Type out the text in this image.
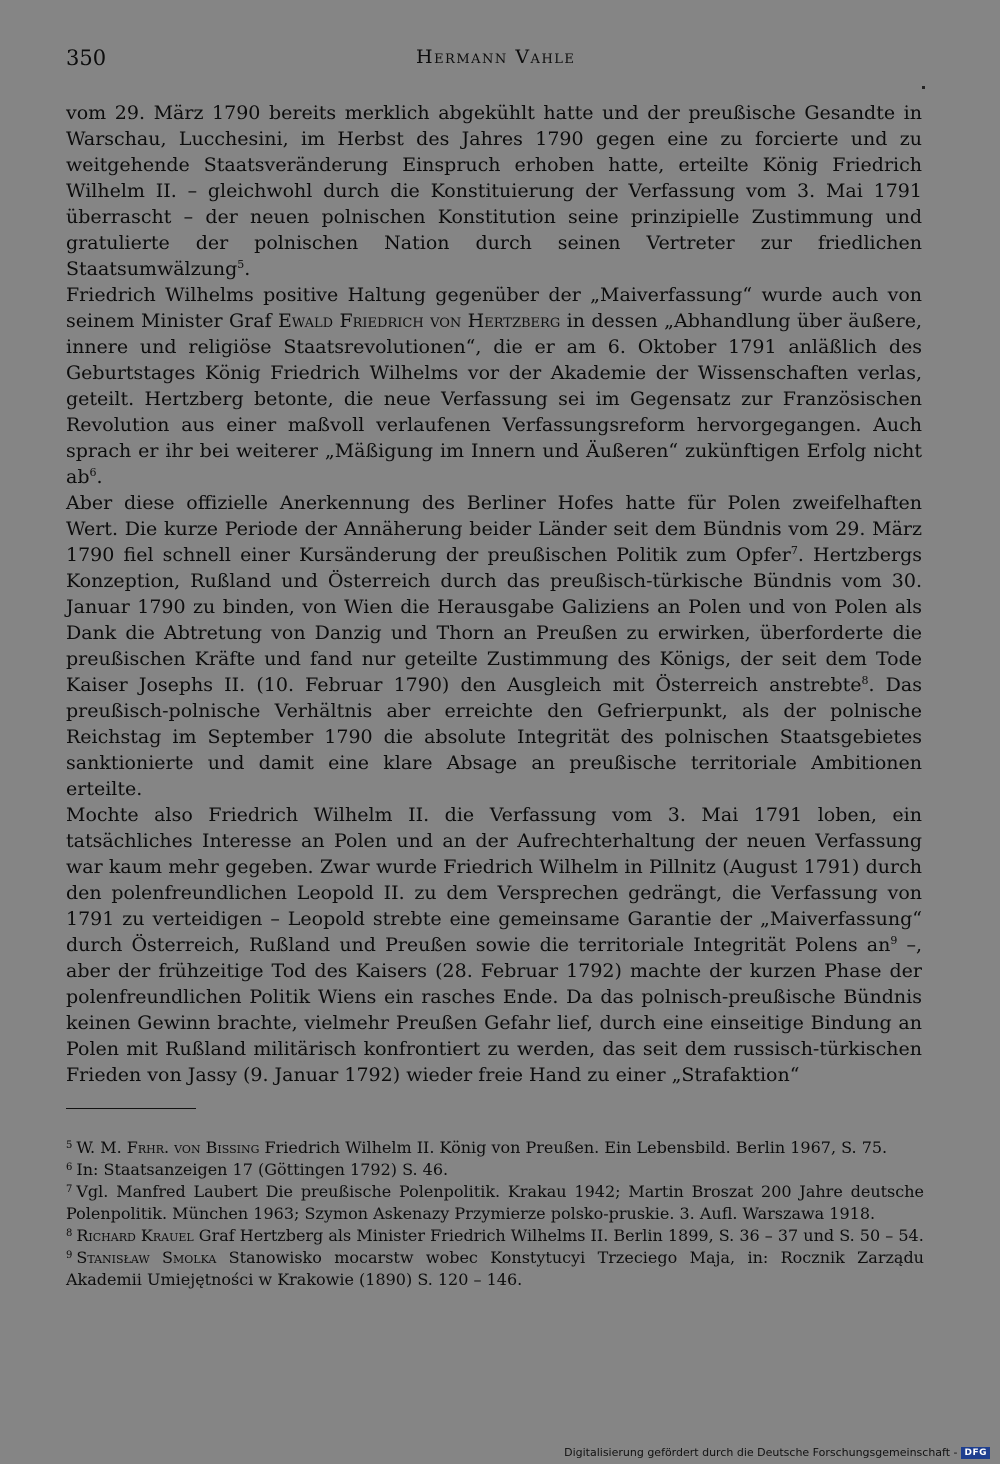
350	Hermann Vahle

vom 29. März 1790 bereits merklich abgekühlt hatte und der preußische Gesandte in Warschau, Lucchesini, im Herbst des Jahres 1790 gegen eine zu forcierte und zu weitgehende Staatsveränderung Einspruch erhoben hatte, erteilte König Friedrich Wilhelm II. – gleichwohl durch die Konstituierung der Verfassung vom 3. Mai 1791 überrascht – der neuen polnischen Konstitution seine prinzipielle Zustimmung und gratulierte der polnischen Nation durch seinen Vertreter zur friedlichen Staatsumwälzung$^5$.

Friedrich Wilhelms positive Haltung gegenüber der „Maiverfassung“ wurde auch von seinem Minister Graf Ewald Friedrich von Hertzberg in dessen „Abhandlung über äußere, innere und religiöse Staatsrevolutionen“, die er am 6. Oktober 1791 anläßlich des Geburtstages König Friedrich Wilhelms vor der Akademie der Wissenschaften verlas, geteilt. Hertzberg betonte, die neue Verfassung sei im Gegensatz zur Französischen Revolution aus einer maßvoll verlaufenen Verfassungsreform hervorgegangen. Auch sprach er ihr bei weiterer „Mäßigung im Innern und Äußeren“ zukünftigen Erfolg nicht $ab^6$.

Aber diese offizielle Anerkennung des Berliner Hofes hatte für Polen zweifelhaften Wert. Die kurze Periode der Annäherung beider Länder seit dem Bündnis vom 29. März 1790 fiel schnell einer Kursänderung der preußischen Politik zum Opfer$^7$. Hertzbergs Konzeption, Rußland und Österreich durch das preußisch-türkische Bündnis vom 30. Januar 1790 zu binden, von Wien die Herausgabe Galiziens an Polen und von Polen als Dank die Abtretung von Danzig und Thorn an Preußen zu erwirken, überforderte die preußischen Kräfte und fand nur geteilte Zustimmung des Königs, der seit dem Tode Kaiser Josephs II. (10. Februar 1790) den Ausgleich mit Österreich anstrebte$^8$. Das preußisch-polnische Verhältnis aber erreichte den Gefrierpunkt, als der polnische Reichstag im September 1790 die absolute Integrität des polnischen Staatsgebietes sanktionierte und damit eine klare Absage an preußische territoriale Ambitionen erteilte.

Mochte also Friedrich Wilhelm II. die Verfassung vom 3. Mai 1791 loben, ein tatsächliches Interesse an Polen und an der Aufrechterhaltung der neuen Verfassung war kaum mehr gegeben. Zwar wurde Friedrich Wilhelm in Pillnitz (August 1791) durch den polenfreundlichen Leopold II. zu dem Versprechen gedrängt, die Verfassung von 1791 zu verteidigen – Leopold strebte eine gemeinsame Garantie der „Maiverfassung“ durch Österreich, Rußland und Preußen sowie die territoriale Integrität Polens $an^9$ –, aber der frühzeitige Tod des Kaisers (28. Februar 1792) machte der kurzen Phase der polenfreundlichen Politik Wiens ein rasches Ende. Da das polnisch-preußische Bündnis keinen Gewinn brachte, vielmehr Preußen Gefahr lief, durch eine einseitige Bindung an Polen mit Rußland militärisch konfrontiert zu werden, das seit dem russisch-türkischen Frieden von Jassy (9. Januar 1792) wieder freie Hand zu einer „Strafaktion“

$^5$ W. M. Frhr. von Bissing Friedrich Wilhelm II. König von Preußen. Ein Lebensbild. Berlin 1967, S. 75.

$^6$ In: Staatsanzeigen 17 (Göttingen 1792) S. 46.

$^7$ Vgl. Manfred Laubert Die preußische Polenpolitik. Krakau 1942; Martin Broszat 200 Jahre deutsche Polenpolitik. München 1963; Szymon Askenazy Przymierze polsko-pruskie. 3. Aufl. Warszawa 1918.

$^8$ Richard Krauel Graf Hertzberg als Minister Friedrich Wilhelms II. Berlin 1899, S. 36 – 37 und S. 50 – 54.

$^9$ Stanisław Smolka Stanowisko mocarstw wobec Konstytucyi Trzeciego Maja, in: Rocznik Zarządu Akademii Umiejętności w Krakowie (1890) S. 120 – 146.

Digitalisierung gefördert durch die Deutsche Forschungsgemeinschaft - DFG
